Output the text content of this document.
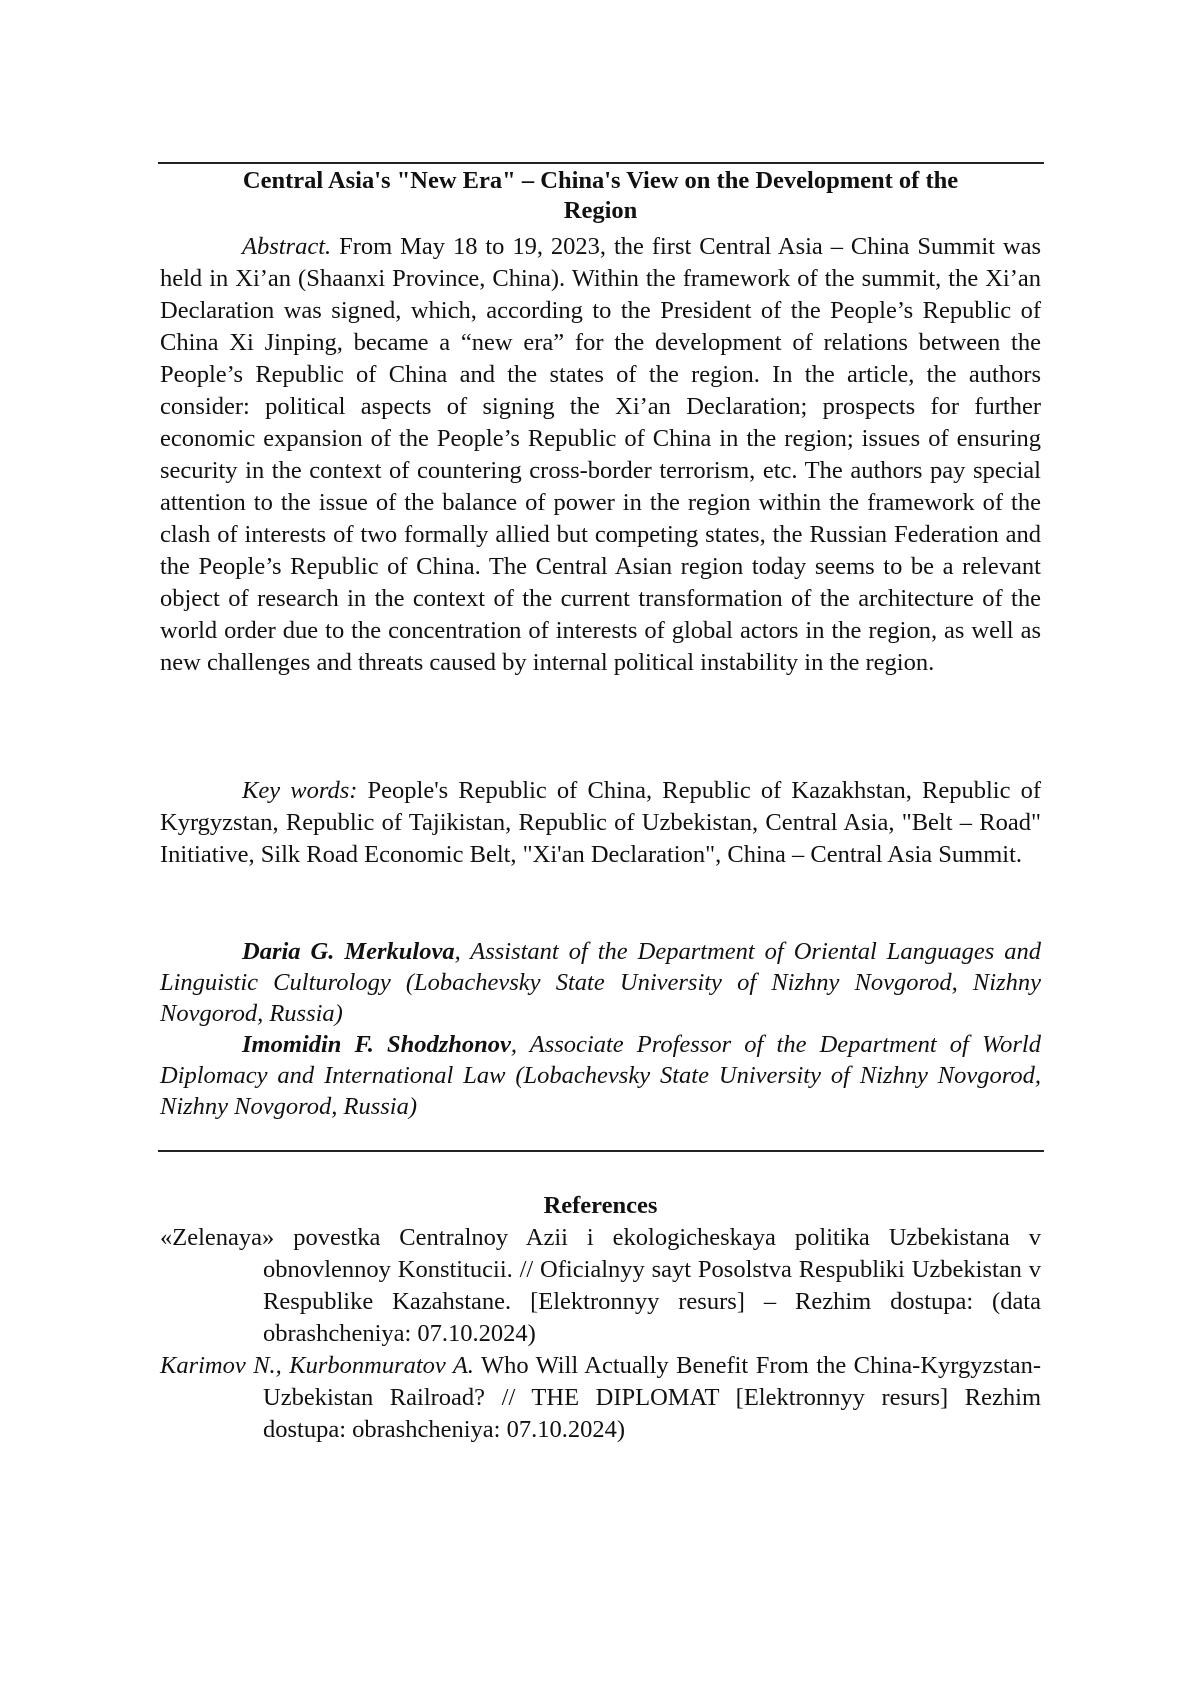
Central Asia's "New Era" – China's View on the Development of the
Region

Abstract. From May 18 to 19, 2023, the first Central Asia – China Summit was held in Xi’an (Shaanxi Province, China). Within the framework of the summit, the Xi’an Declaration was signed, which, according to the President of the People’s Republic of China Xi Jinping, became a “new era” for the development of relations between the People’s Republic of China and the states of the region. In the article, the authors consider: political aspects of signing the Xi’an Declaration; prospects for further economic expansion of the People’s Republic of China in the region; issues of ensuring security in the context of countering cross-border terrorism, etc. The authors pay special attention to the issue of the balance of power in the region within the framework of the clash of interests of two formally allied but competing states, the Russian Federation and the People’s Republic of China. The Central Asian region today seems to be a relevant object of research in the context of the current transformation of the architecture of the world order due to the concentration of interests of global actors in the region, as well as new challenges and threats caused by internal political instability in the region.

Key words: People's Republic of China, Republic of Kazakhstan, Republic of Kyrgyzstan, Republic of Tajikistan, Republic of Uzbekistan, Central Asia, "Belt – Road" Initiative, Silk Road Economic Belt, "Xi'an Declaration", China – Central Asia Summit.

Daria G. Merkulova, Assistant of the Department of Oriental Languages and Linguistic Culturology (Lobachevsky State University of Nizhny Novgorod, Nizhny Novgorod, Russia)

Imomidin F. Shodzhonov, Associate Professor of the Department of World Diplomacy and International Law (Lobachevsky State University of Nizhny Novgorod, Nizhny Novgorod, Russia)

References

«Zelenaya» povestka Centralnoy Azii i ekologicheskaya politika Uzbekistana v obnovlennoy Konstitucii. // Oficialnyy sayt Posolstva Respubliki Uzbekistan v Respublike Kazahstane. [Elektronnyy resurs] – Rezhim dostupa: (data obrashcheniya: 07.10.2024)

Karimov N., Kurbonmuratov A. Who Will Actually Benefit From the China-Kyrgyzstan-Uzbekistan Railroad? // THE DIPLOMAT [Elektronnyy resurs] Rezhim dostupa: obrashcheniya: 07.10.2024)
